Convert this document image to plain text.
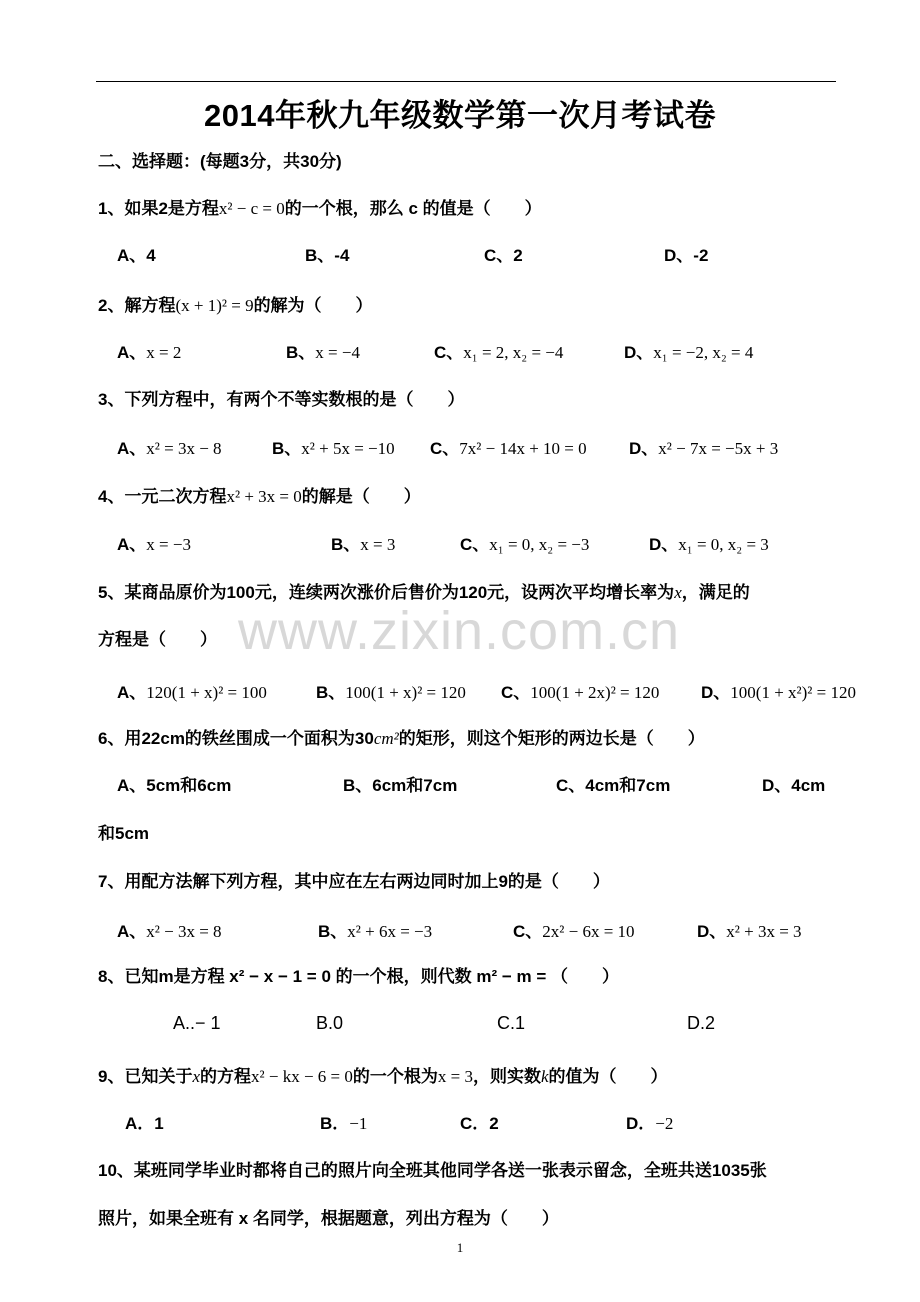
2014年秋九年级数学第一次月考试卷
二、选择题：(每题3分，共30分)
1、如果2是方程x² − c = 0的一个根，那么 c 的值是（　　）
A、4	B、-4	C、2	D、-2
2、解方程(x + 1)² = 9的解为（　　）
A、x = 2	B、x = −4	C、x₁ = 2, x₂ = −4	D、x₁ = −2, x₂ = 4
3、下列方程中，有两个不等实数根的是（　　）
A、x² = 3x − 8	B、x² + 5x = −10 C、7x² − 14x + 10 = 0 D、x² − 7x = −5x + 3
4、一元二次方程x² + 3x = 0的解是（　　）
A、x = −3	B、x = 3	C、x₁ = 0, x₂ = −3	D、x₁ = 0, x₂ = 3
5、某商品原价为100元，连续两次涨价后售价为120元，设两次平均增长率为x，满足的
方程是（　　）
A、120(1 + x)² = 100	B、100(1 + x)² = 120 C、100(1 + 2x)² = 120 D、100(1 + x²)² = 120
6、用22cm的铁丝围成一个面积为30cm²的矩形，则这个矩形的两边长是（　　）
A、5cm和6cm	B、6cm和7cm	C、4cm和7cm	D、4cm
和5cm
7、用配方法解下列方程，其中应在左右两边同时加上9的是（　　）
A、x² − 3x = 8	B、x² + 6x = −3	C、2x² − 6x = 10	D、x² + 3x = 3
8、已知m是方程 x² − x − 1 = 0 的一个根，则代数 m² − m = （　　）
A..− 1	B.0	C.1	D.2
9、已知关于x的方程x² − kx − 6 = 0的一个根为x = 3，则实数k的值为（　　）
A．1	B．−1	C．2	D．−2
10、某班同学毕业时都将自己的照片向全班其他同学各送一张表示留念，全班共送1035张
照片，如果全班有 x 名同学，根据题意，列出方程为（　　）
www.zixin.com.cn
1
